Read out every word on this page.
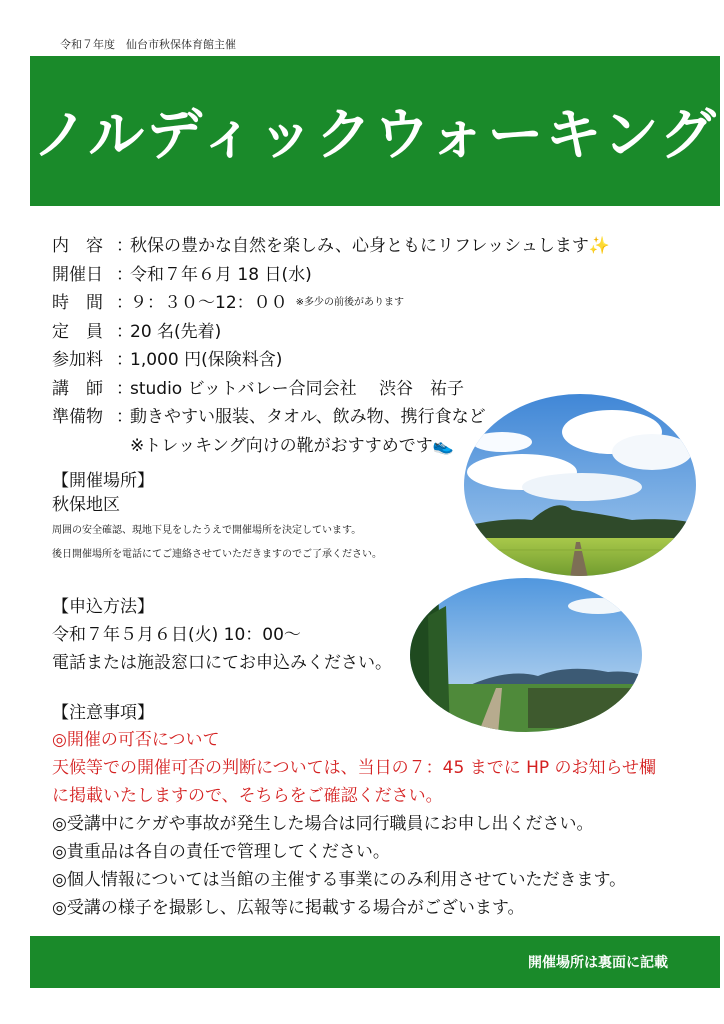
令和７年度　仙台市秋保体育館主催
ノルディックウォーキング
内　容 ：
秋保の豊かな自然を楽しみ、心身ともにリフレッシュします ✨
開催日 ：
令和７年６月 18 日(水)
時　間 ：
９：３０～12：００ ※多少の前後があります
定　員 ：
20 名(先着)
参加料 ：
1,000 円(保険料含)
講　師 ：
studio ビットバレー合同会社　 渋谷　祐子
準備物 ：
動きやすい服装、タオル、飲み物、携行食など
※トレッキング向けの靴がおすすめです 👟
【開催場所】
秋保地区
周囲の安全確認、現地下見をしたうえで開催場所を決定しています。
後日開催場所を電話にてご連絡させていただきますのでご了承ください。
【申込方法】
令和７年５月６日(火) 10：00～
電話または施設窓口にてお申込みください。
【注意事項】
◎開催の可否について
天候等での開催可否の判断については、当日の７：45 までに HP のお知らせ欄
に掲載いたしますので、そちらをご確認ください。
◎受講中にケガや事故が発生した場合は同行職員にお申し出ください。
◎貴重品は各自の責任で管理してください。
◎個人情報については当館の主催する事業にのみ利用させていただきます。
◎受講の様子を撮影し、広報等に掲載する場合がございます。
開催場所は裏面に記載
